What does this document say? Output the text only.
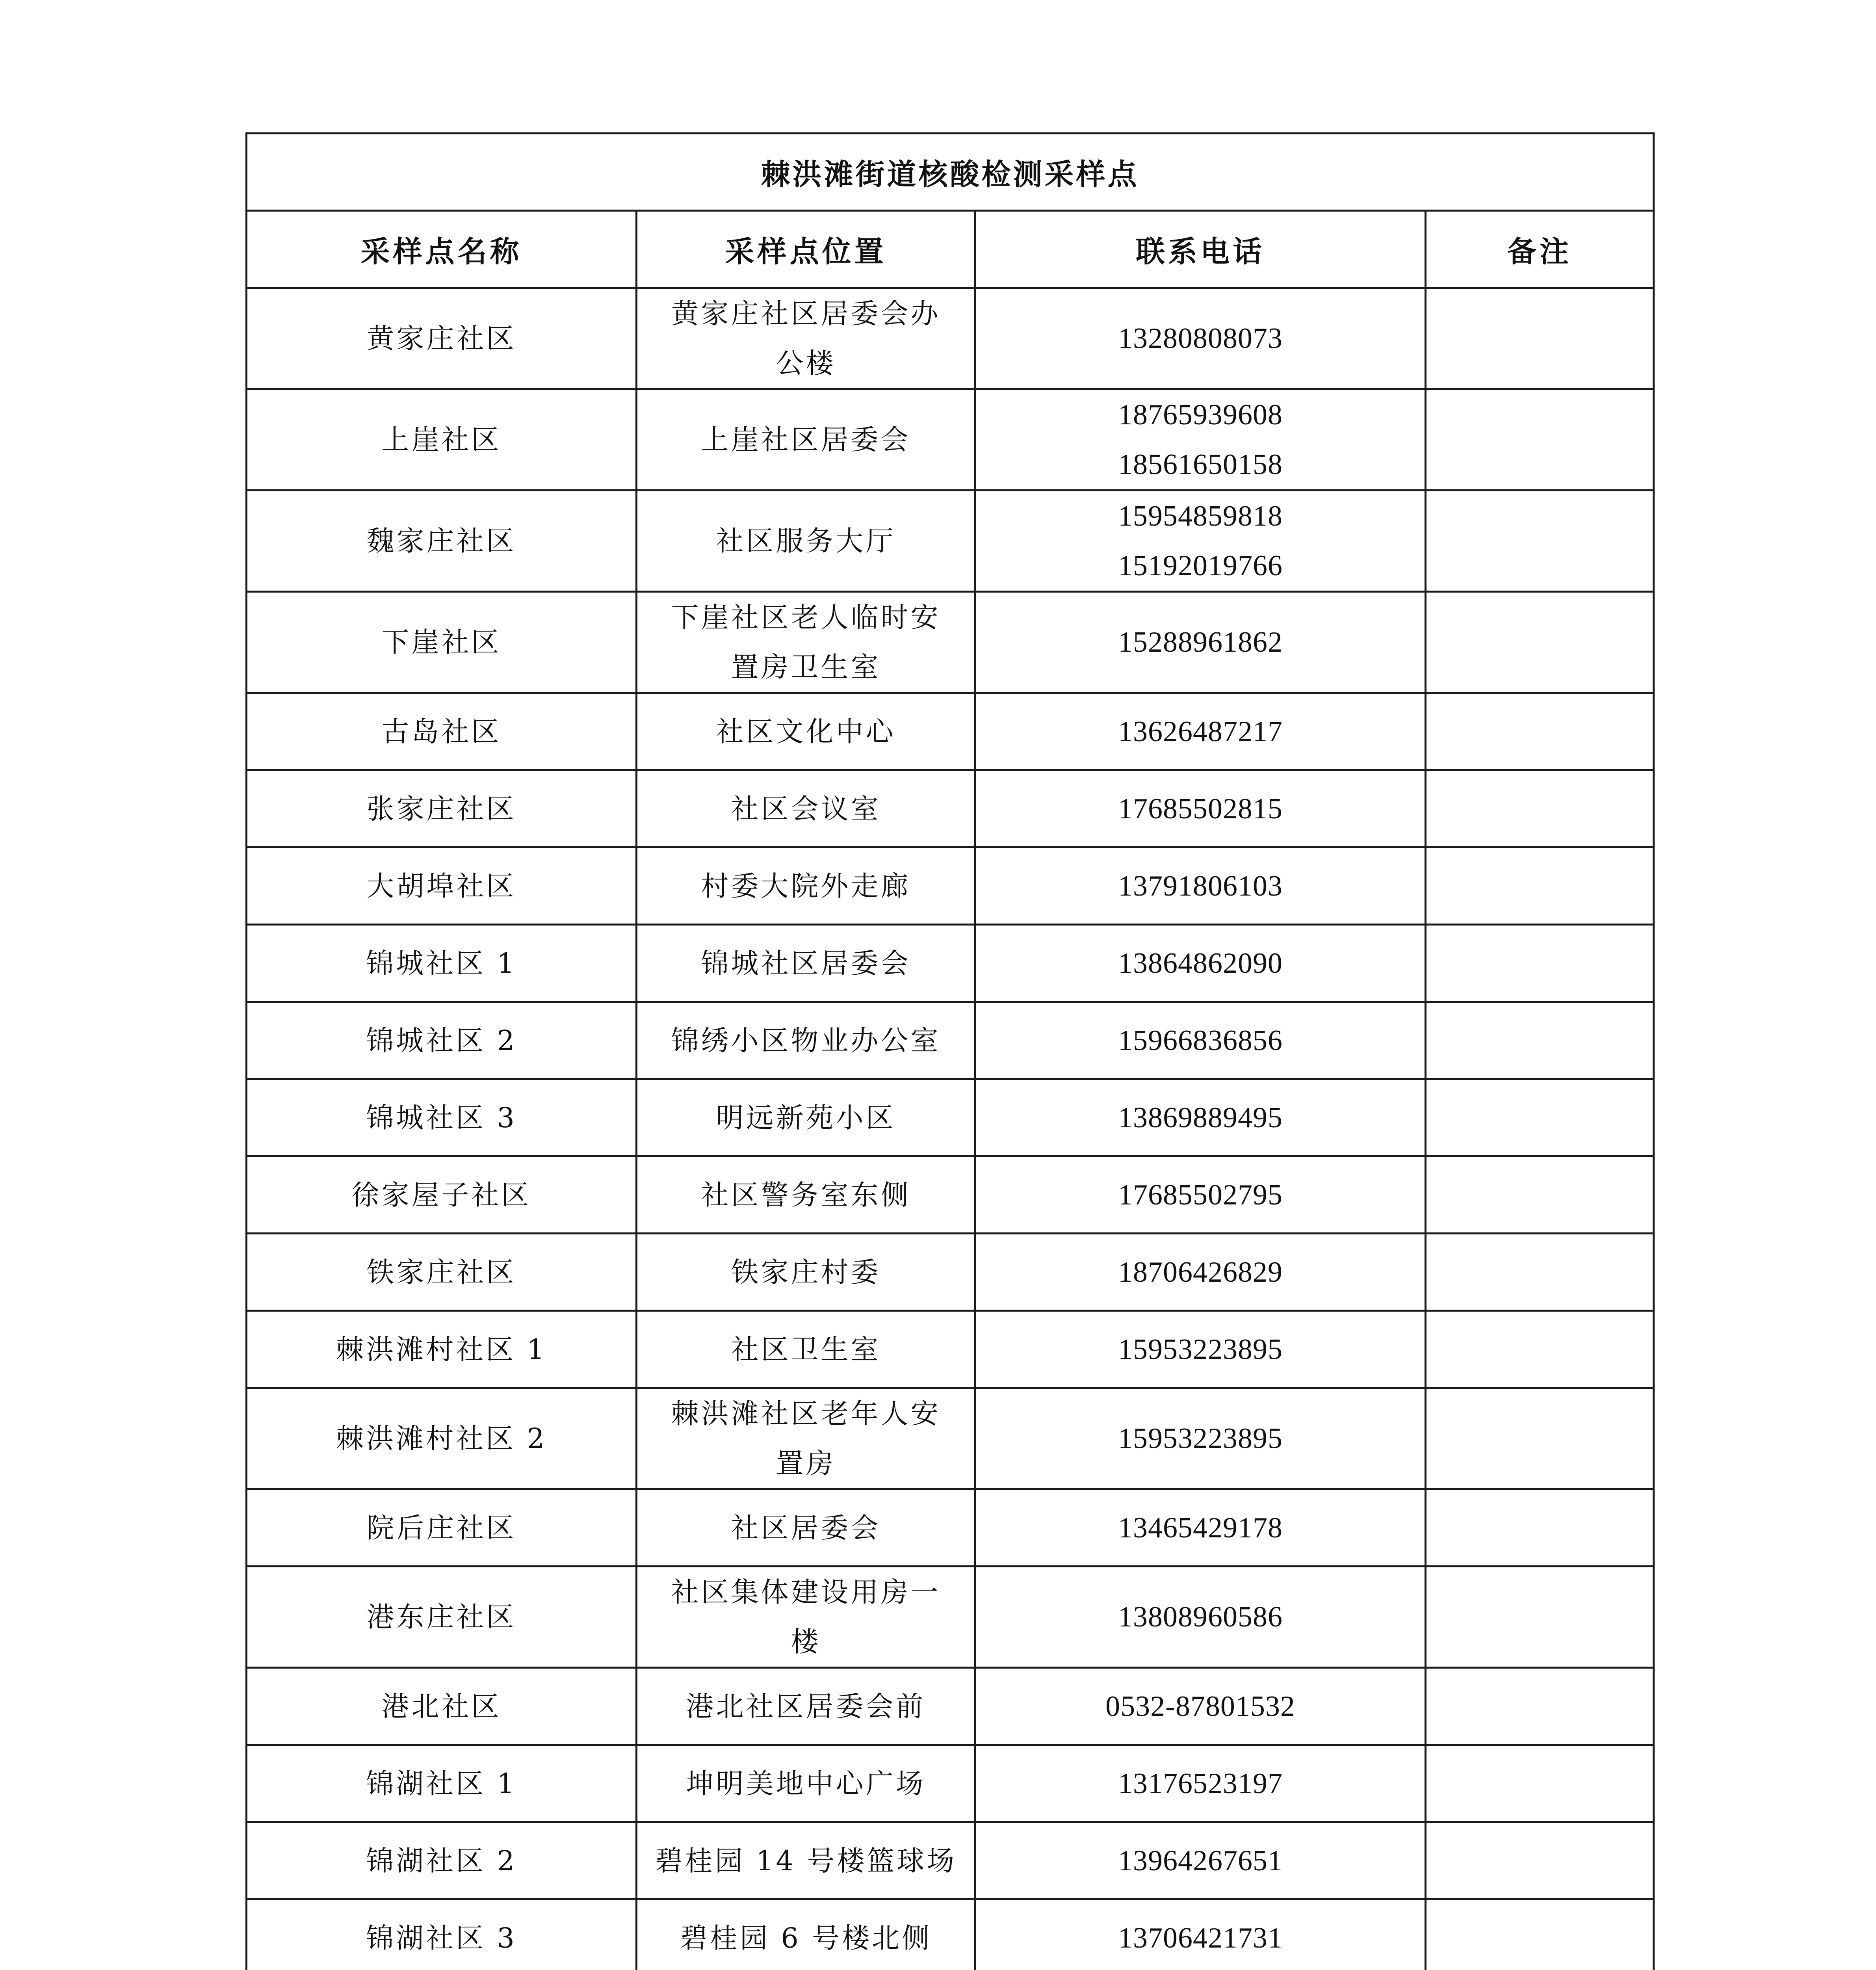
棘洪滩街道核酸检测采样点			
采样点名称	采样点位置	联系电话	备注
黄家庄社区	黄家庄社区居委会办
公楼	13280808073	

上崖社区	上崖社区居委会	18765939608
18561650158	

魏家庄社区	社区服务大厅	15954859818
15192019766	

下崖社区	下崖社区老人临时安
置房卫生室	15288961862	

古岛社区	社区文化中心	13626487217	

张家庄社区	社区会议室	17685502815	

大胡埠社区	村委大院外走廊	13791806103	

锦城社区 1	锦城社区居委会	13864862090	

锦城社区 2	锦绣小区物业办公室	15966836856	

锦城社区 3	明远新苑小区	13869889495	

徐家屋子社区	社区警务室东侧	17685502795	

铁家庄社区	铁家庄村委	18706426829	

棘洪滩村社区 1	社区卫生室	15953223895	

棘洪滩村社区 2	棘洪滩社区老年人安
置房	15953223895	

院后庄社区	社区居委会	13465429178	

港东庄社区	社区集体建设用房一
楼	13808960586	

港北社区	港北社区居委会前	0532-87801532	

锦湖社区 1	坤明美地中心广场	13176523197	

锦湖社区 2	碧桂园 14 号楼篮球场	13964267651	

锦湖社区 3	碧桂园 6 号楼北侧	13706421731	
